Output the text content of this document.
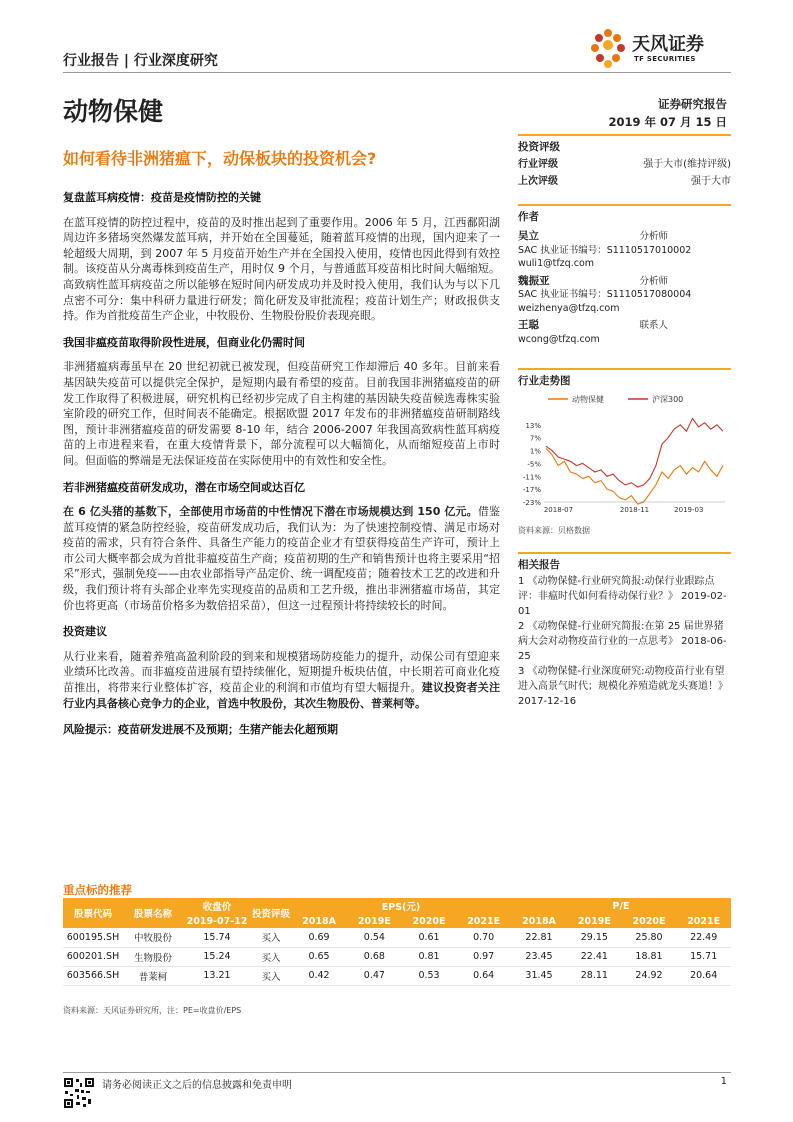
行业报告 | 行业深度研究
天风证券
TF SECURITIES
动物保健	证券研究报告
2019 年 07 月 15 日
如何看待非洲猪瘟下，动保板块的投资机会?
复盘蓝耳病疫情：疫苗是疫情防控的关键

在蓝耳疫情的防控过程中，疫苗的及时推出起到了重要作用。2006 年 5 月，江西鄱阳湖周边许多猪场突然爆发蓝耳病，并开始在全国蔓延，随着蓝耳疫情的出现，国内迎来了一轮超级大周期，到 2007 年 5 月疫苗开始生产并在全国投入使用，疫情也因此得到有效控制。该疫苗从分离毒株到疫苗生产，用时仅 9 个月，与普通蓝耳疫苗相比时间大幅缩短。高致病性蓝耳病疫苗之所以能够在短时间内研发成功并及时投入使用，我们认为与以下几点密不可分：集中科研力量进行研发；简化研发及审批流程；疫苗计划生产；财政报供支持。作为首批疫苗生产企业，中牧股份、生物股份股价表现亮眼。

我国非瘟疫苗取得阶段性进展，但商业化仍需时间

非洲猪瘟病毒虽早在 20 世纪初就已被发现，但疫苗研究工作却滞后 40 多年。目前来看基因缺失疫苗可以提供完全保护，是短期内最有希望的疫苗。目前我国非洲猪瘟疫苗的研发工作取得了积极进展，研究机构已经初步完成了自主构建的基因缺失疫苗候选毒株实验室阶段的研究工作，但时间表不能确定。根据欧盟 2017 年发布的非洲猪瘟疫苗研制路线图，预计非洲猪瘟疫苗的研发需要 8-10 年，结合 2006-2007 年我国高致病性蓝耳病疫苗的上市进程来看，在重大疫情背景下，部分流程可以大幅简化，从而缩短疫苗上市时间。但面临的弊端是无法保证疫苗在实际使用中的有效性和安全性。

若非洲猪瘟疫苗研发成功，潜在市场空间或达百亿

在 6 亿头猪的基数下，全部使用市场苗的中性情况下潜在市场规模达到 150 亿元。借鉴蓝耳疫情的紧急防控经验，疫苗研发成功后，我们认为：为了快速控制疫情、满足市场对疫苗的需求，只有符合条件、具备生产能力的疫苗企业才有望获得疫苗生产许可，预计上市公司大概率都会成为首批非瘟疫苗生产商；疫苗初期的生产和销售预计也将主要采用“招采”形式，强制免疫——由农业部指导产品定价、统一调配疫苗；随着技术工艺的改进和升级，我们预计将有头部企业率先实现疫苗的品质和工艺升级，推出非洲猪瘟市场苗，其定价也将更高（市场苗价格多为数倍招采苗），但这一过程预计将持续较长的时间。

投资建议

从行业来看，随着养殖高盈利阶段的到来和规模猪场防疫能力的提升，动保公司有望迎来业绩环比改善。而非瘟疫苗进展有望持续催化，短期提升板块估值，中长期若可商业化疫苗推出，将带来行业整体扩容，疫苗企业的利润和市值均有望大幅提升。建议投资者关注行业内具备核心竞争力的企业，首选中牧股份，其次生物股份、普莱柯等。

风险提示：疫苗研发进展不及预期；生猪产能去化超预期
投资评级
行业评级	强于大市(维持评级)
上次评级	强于大市
作者
吴立	分析师
SAC 执业证书编号：S1110517010002
wuli1@tfzq.com
魏振亚	分析师
SAC 执业证书编号：S1110517080004
weizhenya@tfzq.com
王聪	联系人
wcong@tfzq.com
行业走势图
动物保健	沪深300
13%
7%
1%
-5%
-11%
-17%
-23%
2018-07	2018-11	2019-03
资料来源：贝格数据
相关报告
1 《动物保健-行业研究简报:动保行业跟踪点评：非瘟时代如何看待动保行业？》 2019-02-01
2 《动物保健-行业研究简报:在第 25 届世界猪病大会对动物疫苗行业的一点思考》 2018-06-25
3 《动物保健-行业深度研究:动物疫苗行业有望进入高景气时代；规模化养殖造就龙头赛道！》 2017-12-16
重点标的推荐
股票代码	股票名称	收盘价	投资评级	EPS(元)				P/E			
		2019-07-12		2018A	2019E	2020E	2021E	2018A	2019E	2020E	2021E
600195.SH	中牧股份	15.74	买入	0.69	0.54	0.61	0.70	22.81	29.15	25.80	22.49
600201.SH	生物股份	15.24	买入	0.65	0.68	0.81	0.97	23.45	22.41	18.81	15.71
603566.SH	普莱柯	13.21	买入	0.42	0.47	0.53	0.64	31.45	28.11	24.92	20.64
资料来源：天风证券研究所，注：PE=收盘价/EPS
请务必阅读正文之后的信息披露和免责申明	1
